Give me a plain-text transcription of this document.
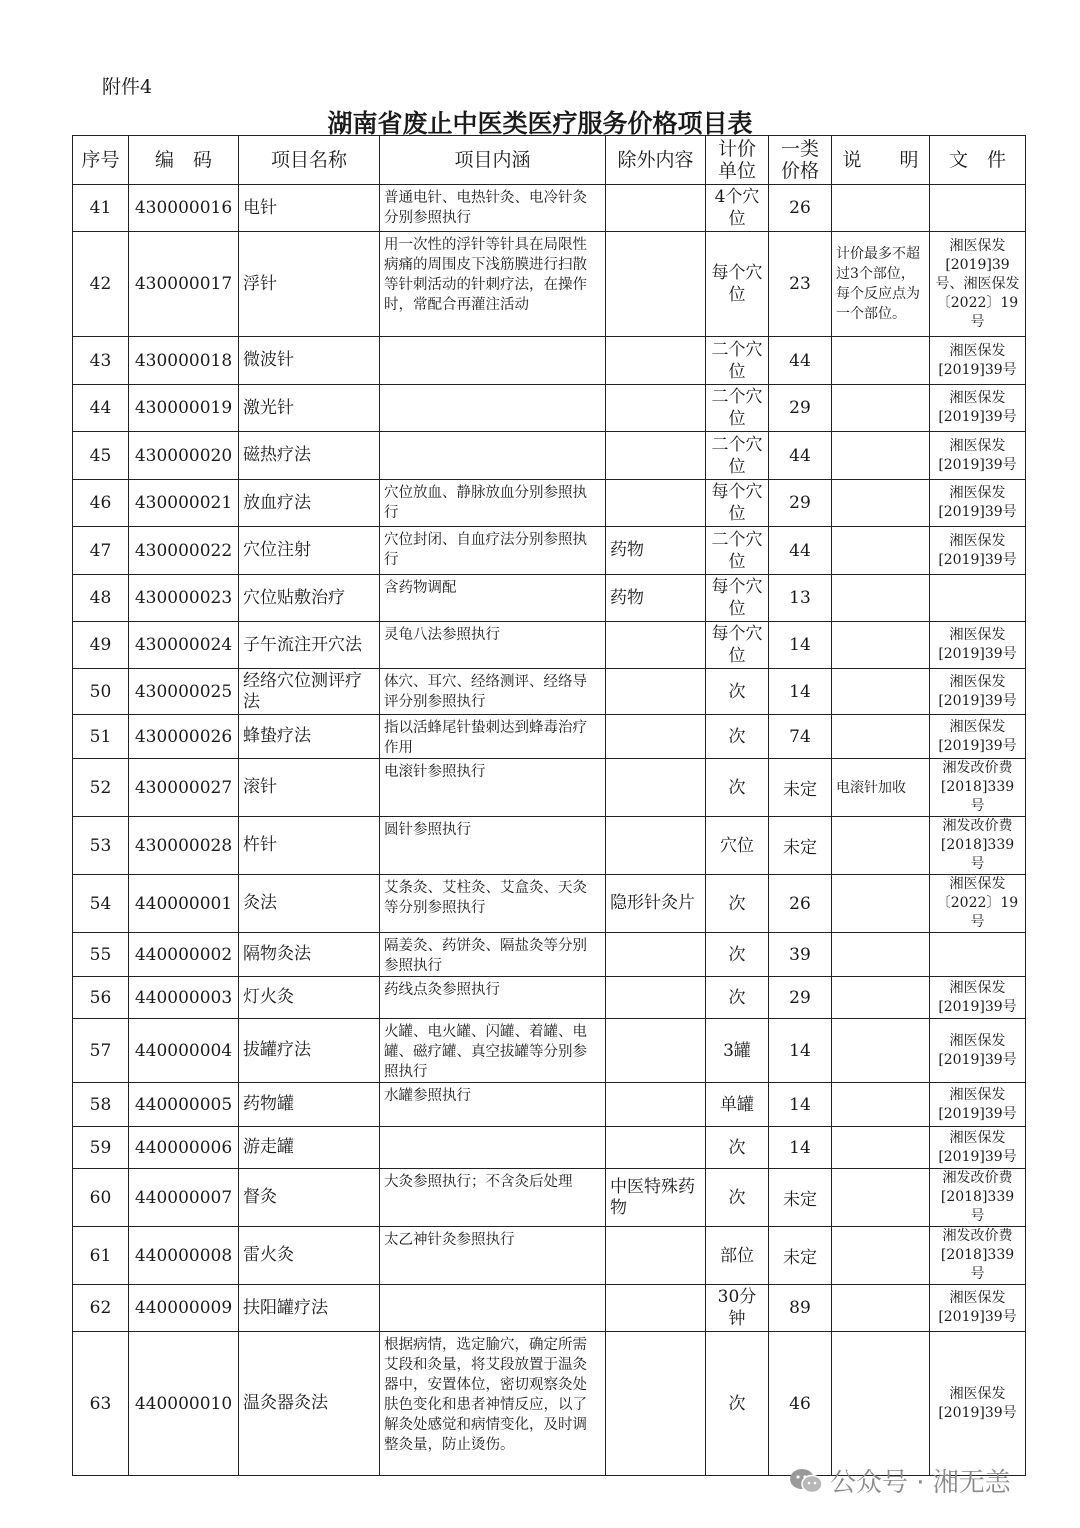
附件4
湖南省废止中医类医疗服务价格项目表
序号	编　码	项目名称	项目内涵	除外内容	计价单位	一类价格	说　　明	文　件
41	430000016	电针	普通电针、电热针灸、电冷针灸分别参照执行		4个穴位	26		
42	430000017	浮针	用一次性的浮针等针具在局限性病痛的周围皮下浅筋膜进行扫散等针刺活动的针刺疗法，在操作时，常配合再灌注活动		每个穴位	23	计价最多不超过3个部位，每个反应点为一个部位。	湘医保发[2019]39号、湘医保发〔2022〕19号
43	430000018	微波针			二个穴位	44		湘医保发[2019]39号
44	430000019	激光针			二个穴位	29		湘医保发[2019]39号
45	430000020	磁热疗法			二个穴位	44		湘医保发[2019]39号
46	430000021	放血疗法	穴位放血、静脉放血分别参照执行		每个穴位	29		湘医保发[2019]39号
47	430000022	穴位注射	穴位封闭、自血疗法分别参照执行	药物	二个穴位	44		湘医保发[2019]39号
48	430000023	穴位贴敷治疗	含药物调配	药物	每个穴位	13		
49	430000024	子午流注开穴法	灵龟八法参照执行		每个穴位	14		湘医保发[2019]39号
50	430000025	经络穴位测评疗法	体穴、耳穴、经络测评、经络导评分别参照执行		次	14		湘医保发[2019]39号
51	430000026	蜂蛰疗法	指以活蜂尾针蛰刺达到蜂毒治疗作用		次	74		湘医保发[2019]39号
52	430000027	滚针	电滚针参照执行		次	未定	电滚针加收	湘发改价费[2018]339号
53	430000028	杵针	圆针参照执行		穴位	未定		湘发改价费[2018]339号
54	440000001	灸法	艾条灸、艾柱灸、艾盒灸、天灸等分别参照执行	隐形针灸片	次	26		湘医保发〔2022〕19号
55	440000002	隔物灸法	隔姜灸、药饼灸、隔盐灸等分别参照执行		次	39		
56	440000003	灯火灸	药线点灸参照执行		次	29		湘医保发[2019]39号
57	440000004	拔罐疗法	火罐、电火罐、闪罐、着罐、电罐、磁疗罐、真空拔罐等分别参照执行		3罐	14		湘医保发[2019]39号
58	440000005	药物罐	水罐参照执行		单罐	14		湘医保发[2019]39号
59	440000006	游走罐			次	14		湘医保发[2019]39号
60	440000007	督灸	大灸参照执行；不含灸后处理	中医特殊药物	次	未定		湘发改价费[2018]339号
61	440000008	雷火灸	太乙神针灸参照执行		部位	未定		湘发改价费[2018]339号
62	440000009	扶阳罐疗法			30分钟	89		湘医保发[2019]39号
63	440000010	温灸器灸法	根据病情，选定腧穴，确定所需艾段和灸量，将艾段放置于温灸器中，安置体位，密切观察灸处肤色变化和患者神情反应，以了解灸处感觉和病情变化，及时调整灸量，防止烫伤。		次	46		湘医保发[2019]39号
公众号 · 湘无恙
